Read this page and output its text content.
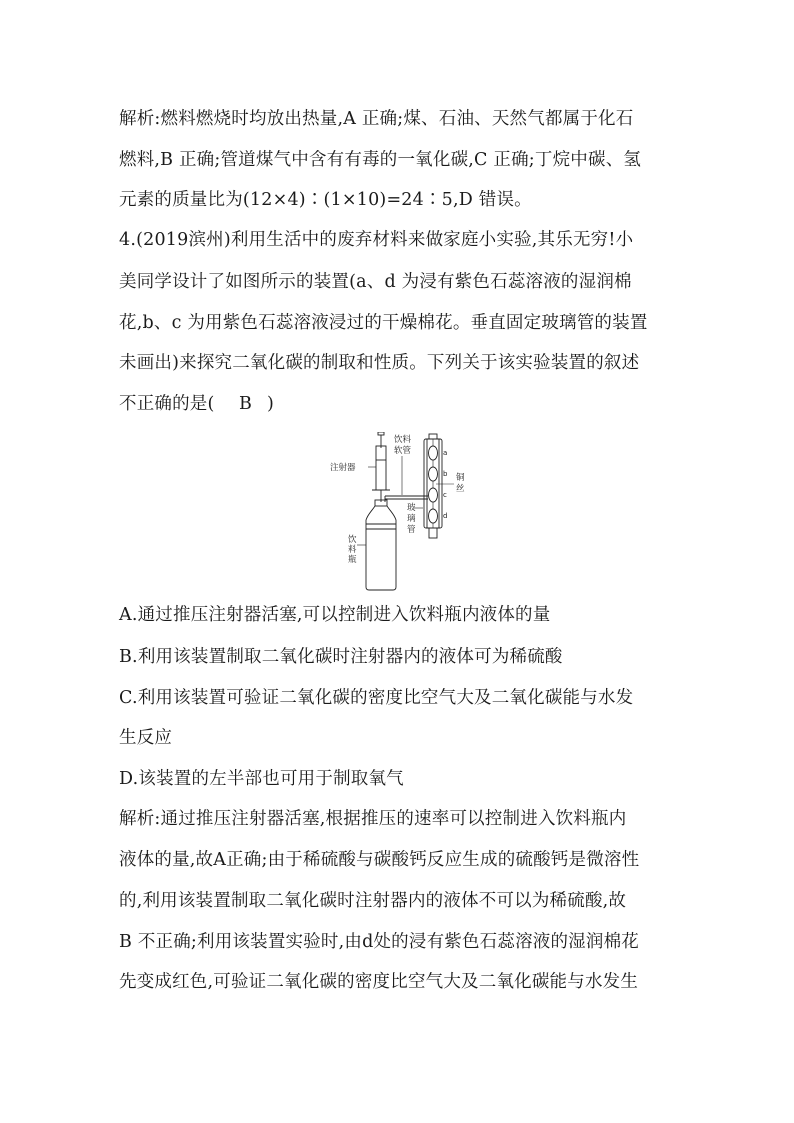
解析:燃料燃烧时均放出热量,A 正确;煤、石油、天然气都属于化石
燃料,B 正确;管道煤气中含有有毒的一氧化碳,C 正确;丁烷中碳、氢
元素的质量比为(12×4)∶(1×10)=24∶5,D 错误。
4.(2019滨州)利用生活中的废弃材料来做家庭小实验,其乐无穷!小
美同学设计了如图所示的装置(a、d 为浸有紫色石蕊溶液的湿润棉
花,b、c 为用紫色石蕊溶液浸过的干燥棉花。垂直固定玻璃管的装置
未画出)来探究二氧化碳的制取和性质。下列关于该实验装置的叙述
不正确的是( B )
注射器
饮
料
瓶
饮料
软管	a
b
c
d
铜
丝
玻
璃
管
A.通过推压注射器活塞,可以控制进入饮料瓶内液体的量
B.利用该装置制取二氧化碳时注射器内的液体可为稀硫酸
C.利用该装置可验证二氧化碳的密度比空气大及二氧化碳能与水发
生反应
D.该装置的左半部也可用于制取氧气
解析:通过推压注射器活塞,根据推压的速率可以控制进入饮料瓶内
液体的量,故A正确;由于稀硫酸与碳酸钙反应生成的硫酸钙是微溶性
的,利用该装置制取二氧化碳时注射器内的液体不可以为稀硫酸,故
B 不正确;利用该装置实验时,由d处的浸有紫色石蕊溶液的湿润棉花
先变成红色,可验证二氧化碳的密度比空气大及二氧化碳能与水发生
